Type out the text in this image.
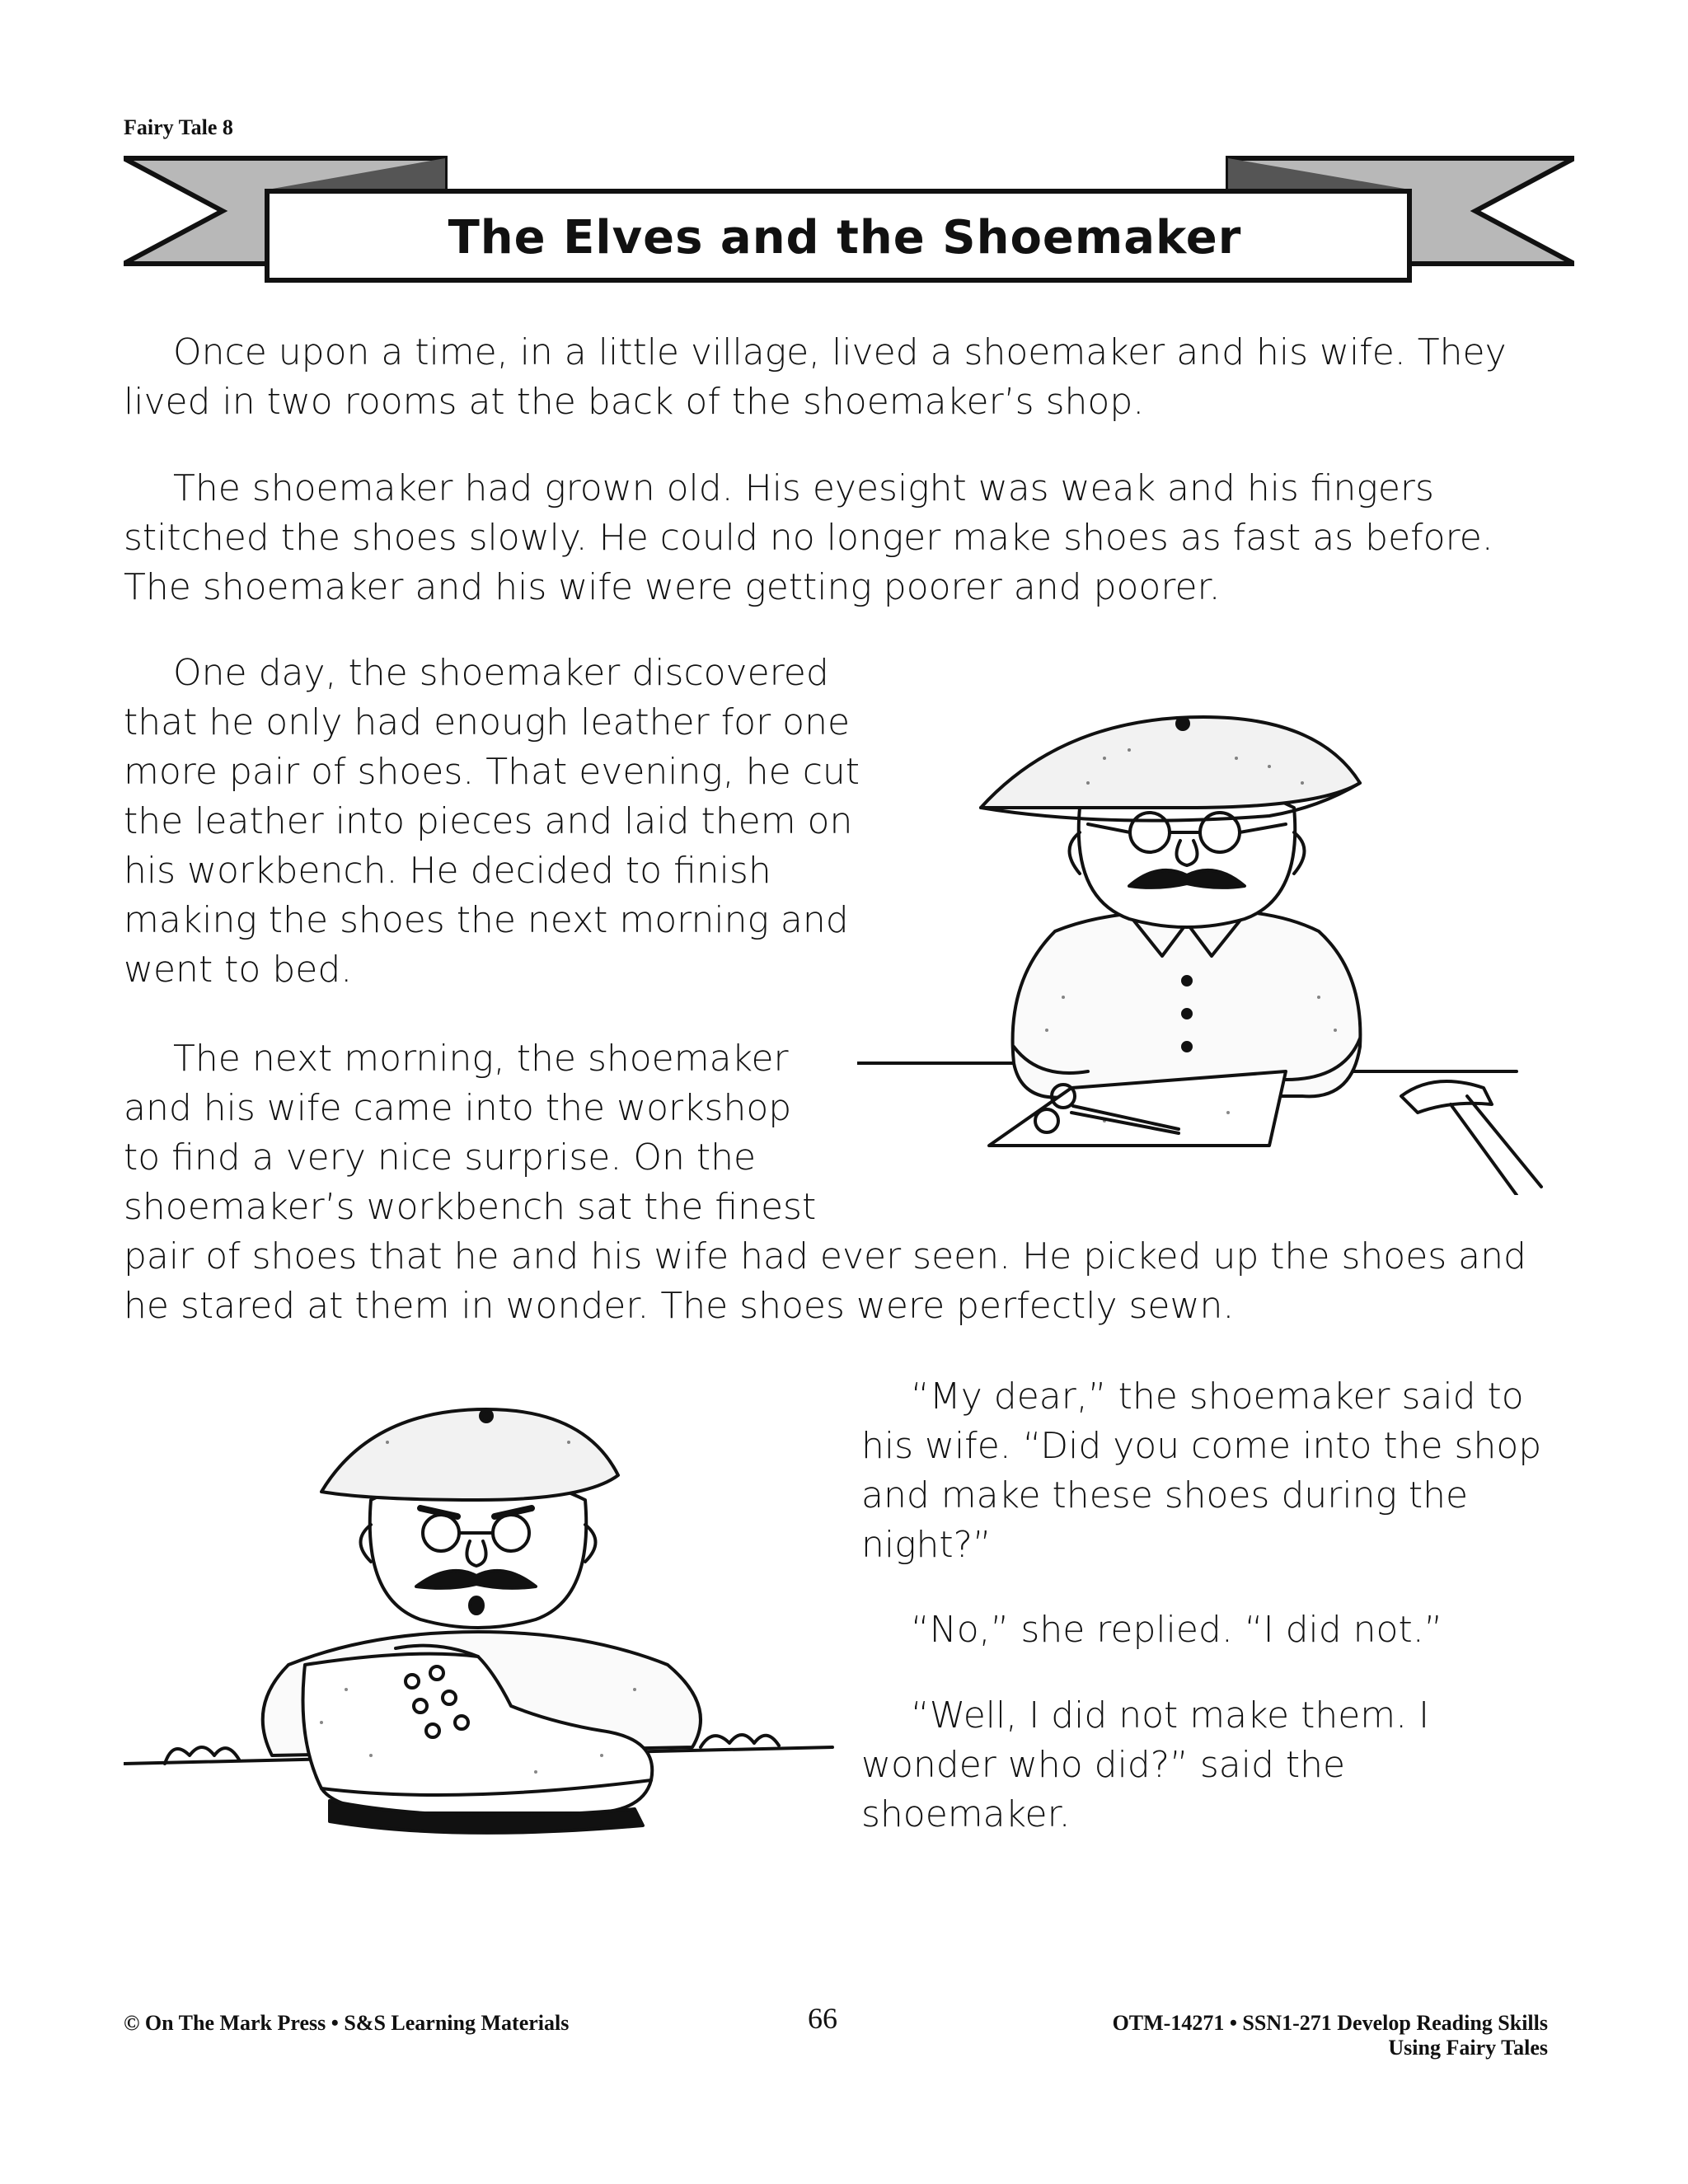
Fairy Tale 8
The Elves and the Shoemaker

Once upon a time, in a little village, lived a shoemaker and his wife. They lived in two rooms at the back of the shoemaker’s shop.

The shoemaker had grown old. His eyesight was weak and his fingers stitched the shoes slowly. He could no longer make shoes as fast as before. The shoemaker and his wife were getting poorer and poorer.

One day, the shoemaker discovered that he only had enough leather for one more pair of shoes. That evening, he cut the leather into pieces and laid them on his workbench. He decided to finish making the shoes the next morning and went to bed.

The next morning, the shoemaker and his wife came into the workshop to find a very nice surprise. On the shoemaker’s workbench sat the finest

pair of shoes that he and his wife had ever seen. He picked up the shoes and he stared at them in wonder. The shoes were perfectly sewn.

“My dear,” the shoemaker said to his wife. “Did you come into the shop and make these shoes during the night?”

“No,” she replied. “I did not.”

“Well, I did not make them. I wonder who did?” said the shoemaker.

© On The Mark Press • S&S Learning Materials	66	OTM-14271 • SSN1-271 Develop Reading Skills
Using Fairy Tales
